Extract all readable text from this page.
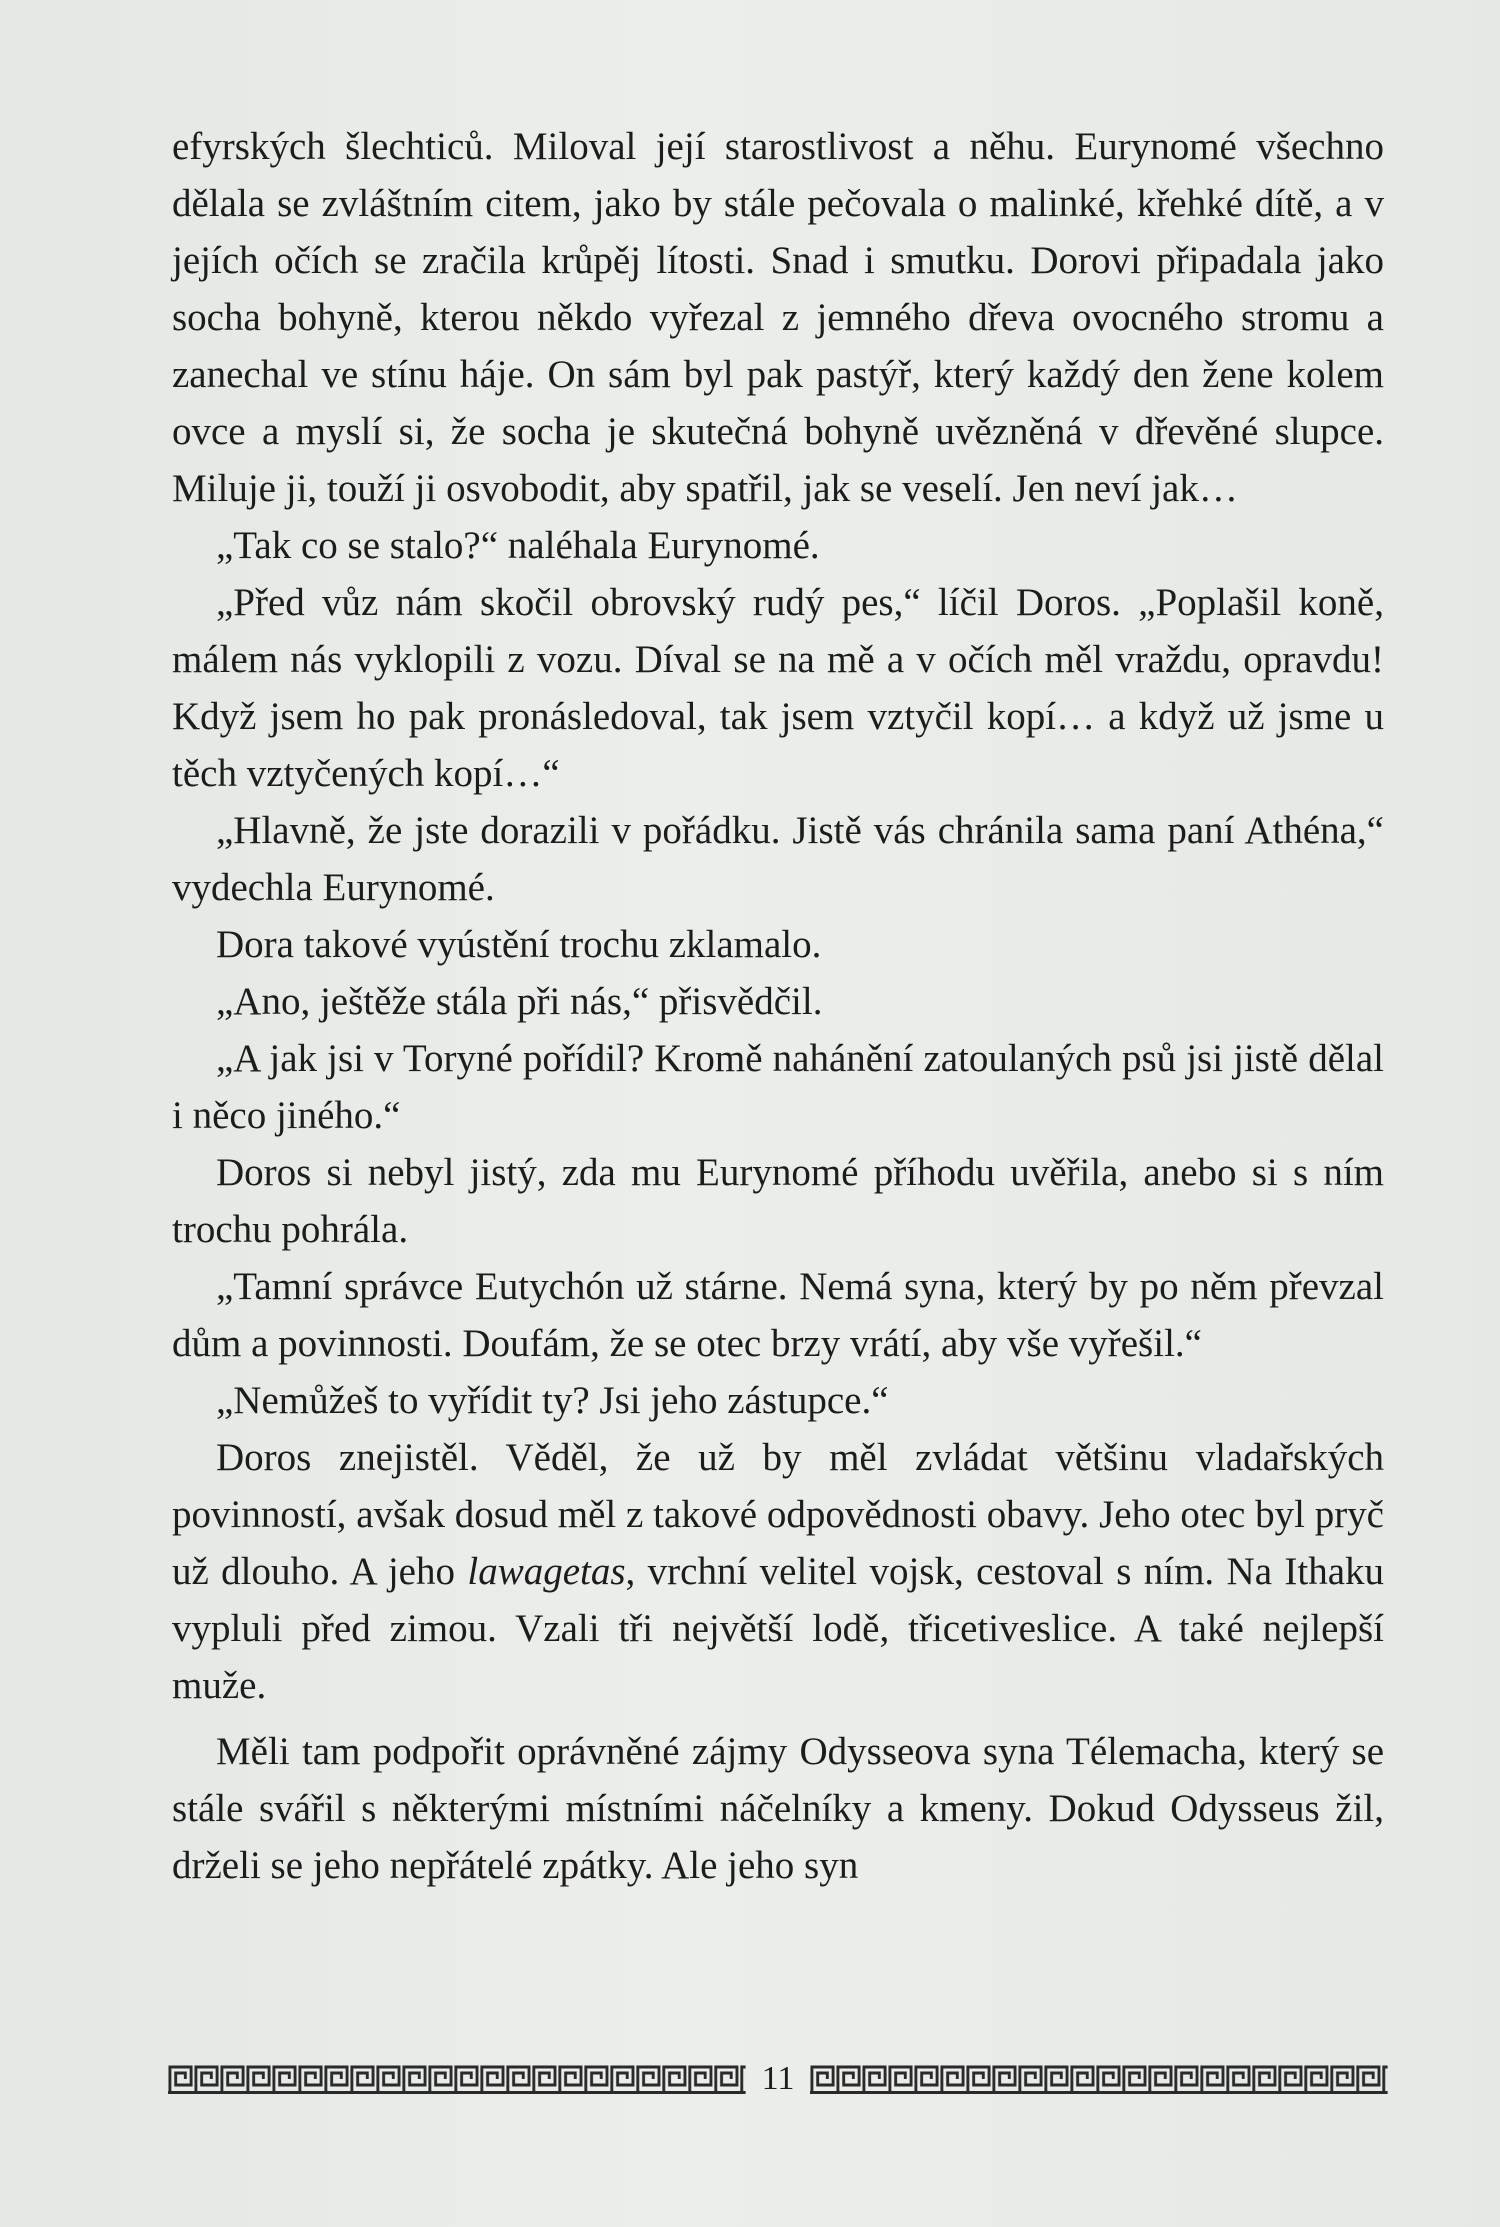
efyrských šlechticů. Miloval její starostlivost a něhu. Eurynomé všechno dělala se zvláštním citem, jako by stále pečovala o malinké, křehké dítě, a v jejích očích se zračila krůpěj lítosti. Snad i smutku. Dorovi připadala jako socha bohyně, kterou někdo vyřezal z jemného dřeva ovocného stromu a zanechal ve stínu háje. On sám byl pak pastýř, který každý den žene kolem ovce a myslí si, že socha je skutečná bohyně uvězněná v dřevěné slupce. Miluje ji, touží ji osvobodit, aby spatřil, jak se veselí. Jen neví jak…

„Tak co se stalo?“ naléhala Eurynomé.

„Před vůz nám skočil obrovský rudý pes,“ líčil Doros. „Poplašil koně, málem nás vyklopili z vozu. Díval se na mě a v očích měl vraždu, opravdu! Když jsem ho pak pronásledoval, tak jsem vztyčil kopí… a když už jsme u těch vztyčených kopí…“

„Hlavně, že jste dorazili v pořádku. Jistě vás chránila sama paní Athéna,“ vydechla Eurynomé.

Dora takové vyústění trochu zklamalo.

„Ano, ještěže stála při nás,“ přisvědčil.

„A jak jsi v Toryné pořídil? Kromě nahánění zatoulaných psů jsi jistě dělal i něco jiného.“

Doros si nebyl jistý, zda mu Eurynomé příhodu uvěřila, anebo si s ním trochu pohrála.

„Tamní správce Eutychón už stárne. Nemá syna, který by po něm převzal dům a povinnosti. Doufám, že se otec brzy vrátí, aby vše vyřešil.“

„Nemůžeš to vyřídit ty? Jsi jeho zástupce.“

Doros znejistěl. Věděl, že už by měl zvládat většinu vladařských povinností, avšak dosud měl z takové odpovědnosti obavy. Jeho otec byl pryč už dlouho. A jeho lawagetas, vrchní velitel vojsk, cestoval s ním. Na Ithaku vypluli před zimou. Vzali tři největší lodě, třicetiveslice. A také nejlepší muže.

Měli tam podpořit oprávněné zájmy Odysseova syna Télemacha, který se stále svářil s některými místními náčelníky a kmeny. Dokud Odysseus žil, drželi se jeho nepřátelé zpátky. Ale jeho syn

11
